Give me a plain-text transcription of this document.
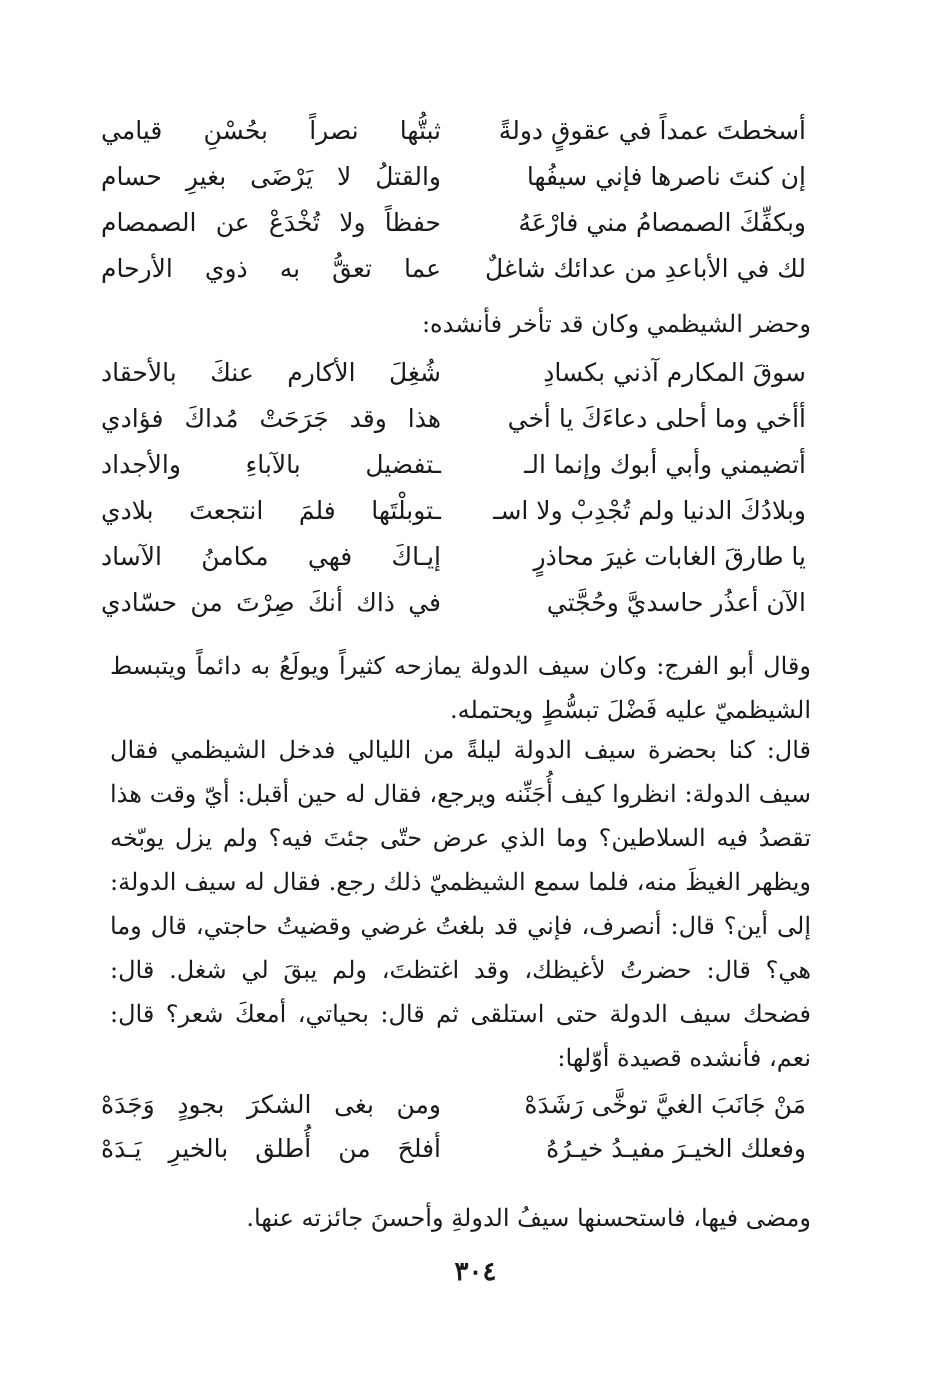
أسخطتَ عمداً في عقوقٍ دولةً
ثبتُّها نصراً بحُسْنِ قيامي
إن كنتَ ناصرها فإني سيفُها
والقتلُ لا يَرْضَى بغيرِ حسام
وبكفِّكَ الصمصامُ مني فارْعَهُ
حفظاً ولا تُخْدَعْ عن الصمصام
لك في الأباعدِ من عدائك شاغلٌ
عما تعقُّ به ذوي الأرحام
وحضر الشيظمي وكان قد تأخر فأنشده:
سوقَ المكارم آذني بكسادِ
شُغِلَ الأكارم عنكَ بالأحقاد
أأخي وما أحلى دعاءَكَ يا أخي
هذا وقد جَرَحَتْ مُداكَ فؤادي
أتضيمني وأبي أبوك وإنما الـ
ـتفضيل بالآباءِ والأجداد
وبلادُكَ الدنيا ولم تُجْدِبْ ولا اسـ
ـتوبلْتَها فلمَ انتجعتَ بلادي
يا طارقَ الغابات غيرَ محاذرٍ
إيـاكَ فهي مكامنُ الآساد
الآن أعذُر حاسديَّ وحُجَّتي
في ذاك أنكَ صِرْتَ من حسّادي
وقال أبو الفرج: وكان سيف الدولة يمازحه كثيراً ويولَعُ به دائماً ويتبسط الشيظميّ عليه فَضْلَ تبسُّطٍ ويحتمله.
قال: كنا بحضرة سيف الدولة ليلةً من الليالي فدخل الشيظمي فقال سيف الدولة: انظروا كيف أُجَنِّنه ويرجع، فقال له حين أقبل: أيّ وقت هذا تقصدُ فيه السلاطين؟ وما الذي عرض حتّى جئتَ فيه؟ ولم يزل يوبّخه ويظهر الغيظَ منه، فلما سمع الشيظميّ ذلك رجع. فقال له سيف الدولة: إلى أين؟ قال: أنصرف، فإني قد بلغتُ غرضي وقضيتُ حاجتي، قال وما هي؟ قال: حضرتُ لأغيظك، وقد اغتظتَ، ولم يبقَ لي شغل. قال: فضحك سيف الدولة حتى استلقى ثم قال: بحياتي، أمعكَ شعر؟ قال: نعم، فأنشده قصيدة أوّلها:
مَنْ جَانَبَ الغيَّ توخَّى رَشَدَهْ
ومن بغى الشكرَ بجودٍ وَجَدَهْ
وفعلك الخيـرَ مفيـدُ خيـرُهُ
أفلحَ من أُطلق بالخيرِ يَـدَهْ
ومضى فيها، فاستحسنها سيفُ الدولةِ وأحسنَ جائزته عنها.
٣٠٤
